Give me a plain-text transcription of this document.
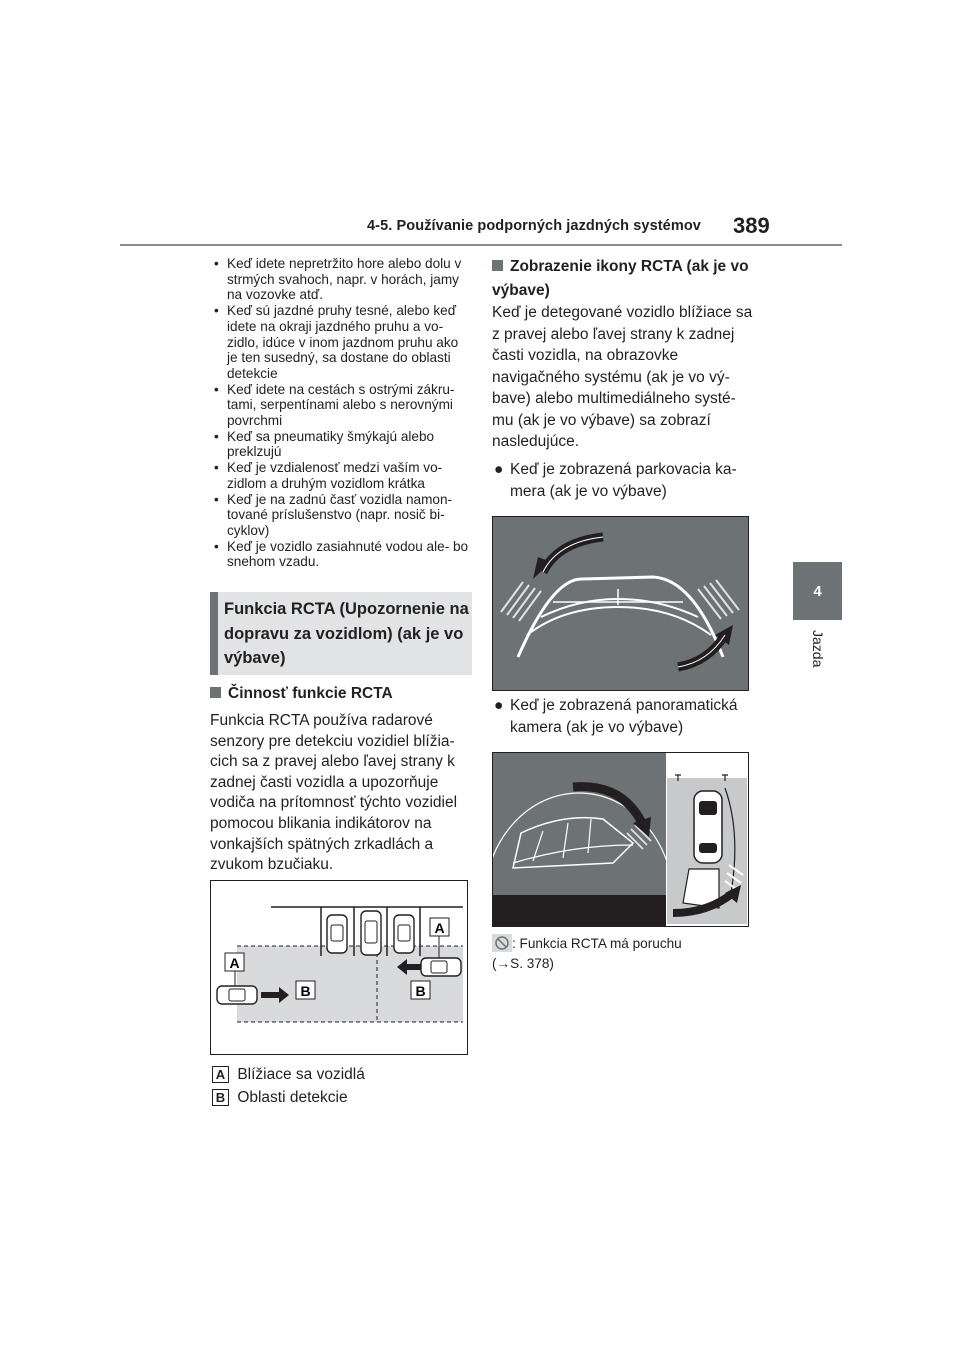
4-5. Používanie podporných jazdných systémov 389
4
Jazda
• Keď idete nepretržito hore alebo dolu v strmých svahoch, napr. v horách, jamy na vozovke atď.
• Keď sú jazdné pruhy tesné, alebo keď idete na okraji jazdného pruhu a vo- zidlo, idúce v inom jazdnom pruhu ako je ten susedný, sa dostane do oblasti detekcie
• Keď idete na cestách s ostrými zákru- tami, serpentínami alebo s nerovnými povrchmi
• Keď sa pneumatiky šmýkajú alebo preklzujú
• Keď je vzdialenosť medzi vaším vo- zidlom a druhým vozidlom krátka
• Keď je na zadnú časť vozidla namon- tované príslušenstvo (napr. nosič bi- cyklov)
• Keď je vozidlo zasiahnuté vodou ale- bo snehom vzadu.
Funkcia RCTA (Upozornenie na dopravu za vozidlom) (ak je vo výbave)
Činnosť funkcie RCTA
Funkcia RCTA používa radarové senzory pre detekciu vozidiel blížia- cich sa z pravej alebo ľavej strany k zadnej časti vozidla a upozorňuje vodiča na prítomnosť týchto vozidiel pomocou blikania indikátorov na vonkajších spätných zrkadlách a zvukom bzučiaku.
A
A
B	B
A Blížiace sa vozidlá
B Oblasti detekcie
Zobrazenie ikony RCTA (ak je vo výbave)
Keď je detegované vozidlo blížiace sa z pravej alebo ľavej strany k zadnej časti vozidla, na obrazovke navigačného systému (ak je vo vý- bave) alebo multimediálneho systé- mu (ak je vo výbave) sa zobrazí nasledujúce.
● Keď je zobrazená parkovacia ka- mera (ak je vo výbave)
● Keď je zobrazená panoramatická kamera (ak je vo výbave)
: Funkcia RCTA má poruchu
(→S. 378)
